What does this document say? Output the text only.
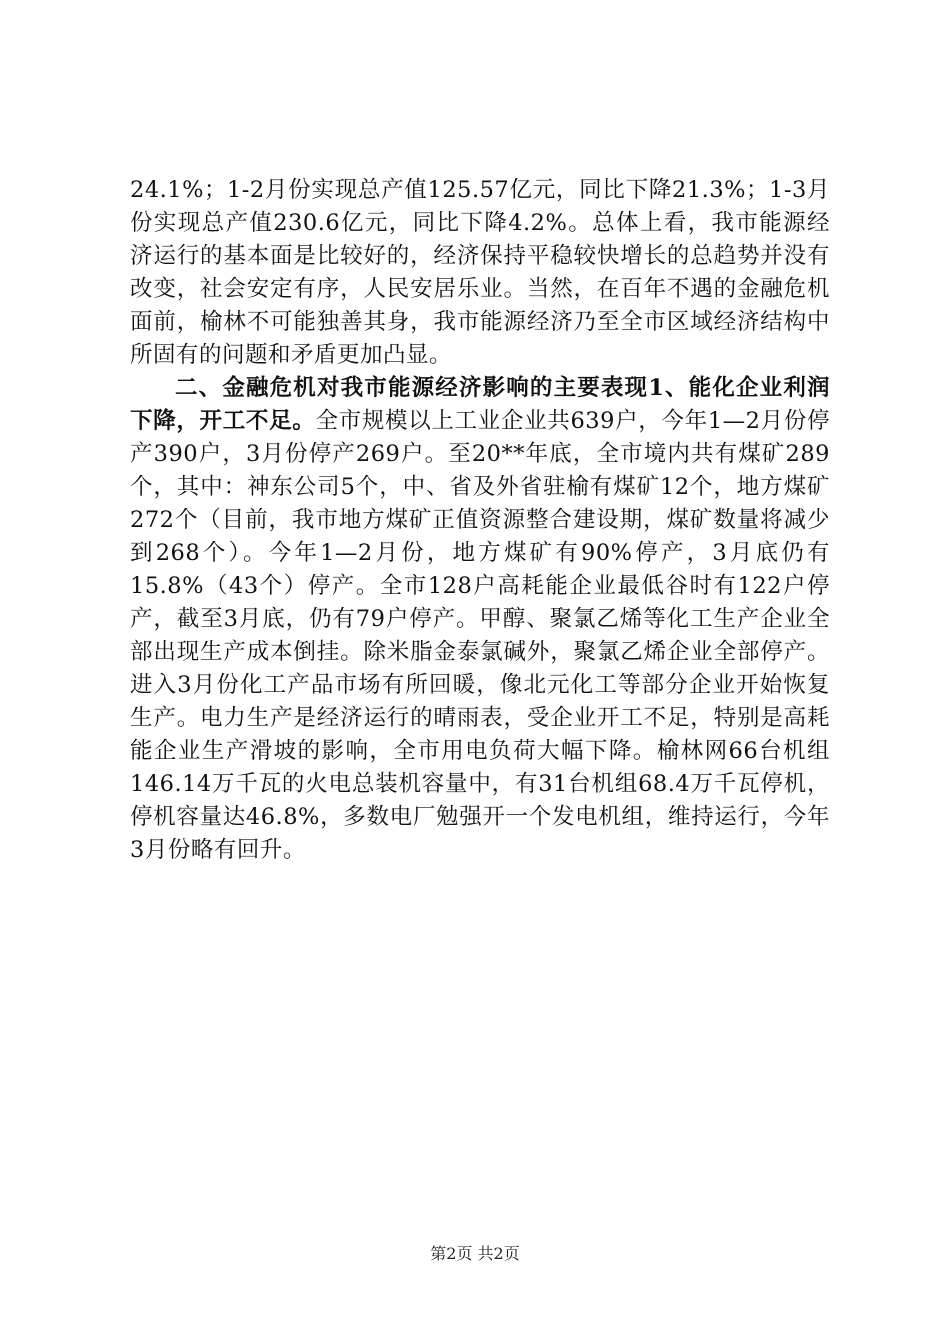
24.1%；1-2月份实现总产值125.57亿元，同比下降21.3%；1-3月份实现总产值230.6亿元，同比下降4.2%。总体上看，我市能源经济运行的基本面是比较好的，经济保持平稳较快增长的总趋势并没有改变，社会安定有序，人民安居乐业。当然，在百年不遇的金融危机面前，榆林不可能独善其身，我市能源经济乃至全市区域经济结构中所固有的问题和矛盾更加凸显。

二、金融危机对我市能源经济影响的主要表现1、能化企业利润下降，开工不足。全市规模以上工业企业共639户，今年1—2月份停产390户，3月份停产269户。至20**年底，全市境内共有煤矿289个，其中：神东公司5个，中、省及外省驻榆有煤矿12个，地方煤矿272个（目前，我市地方煤矿正值资源整合建设期，煤矿数量将减少到268个）。今年1—2月份，地方煤矿有90%停产，3月底仍有15.8%（43个）停产。全市128户高耗能企业最低谷时有122户停产，截至3月底，仍有79户停产。甲醇、聚氯乙烯等化工生产企业全部出现生产成本倒挂。除米脂金泰氯碱外，聚氯乙烯企业全部停产。进入3月份化工产品市场有所回暖，像北元化工等部分企业开始恢复生产。电力生产是经济运行的晴雨表，受企业开工不足，特别是高耗能企业生产滑坡的影响，全市用电负荷大幅下降。榆林网66台机组146.14万千瓦的火电总装机容量中，有31台机组68.4万千瓦停机，停机容量达46.8%，多数电厂勉强开一个发电机组，维持运行，今年3月份略有回升。

第2页 共2页
